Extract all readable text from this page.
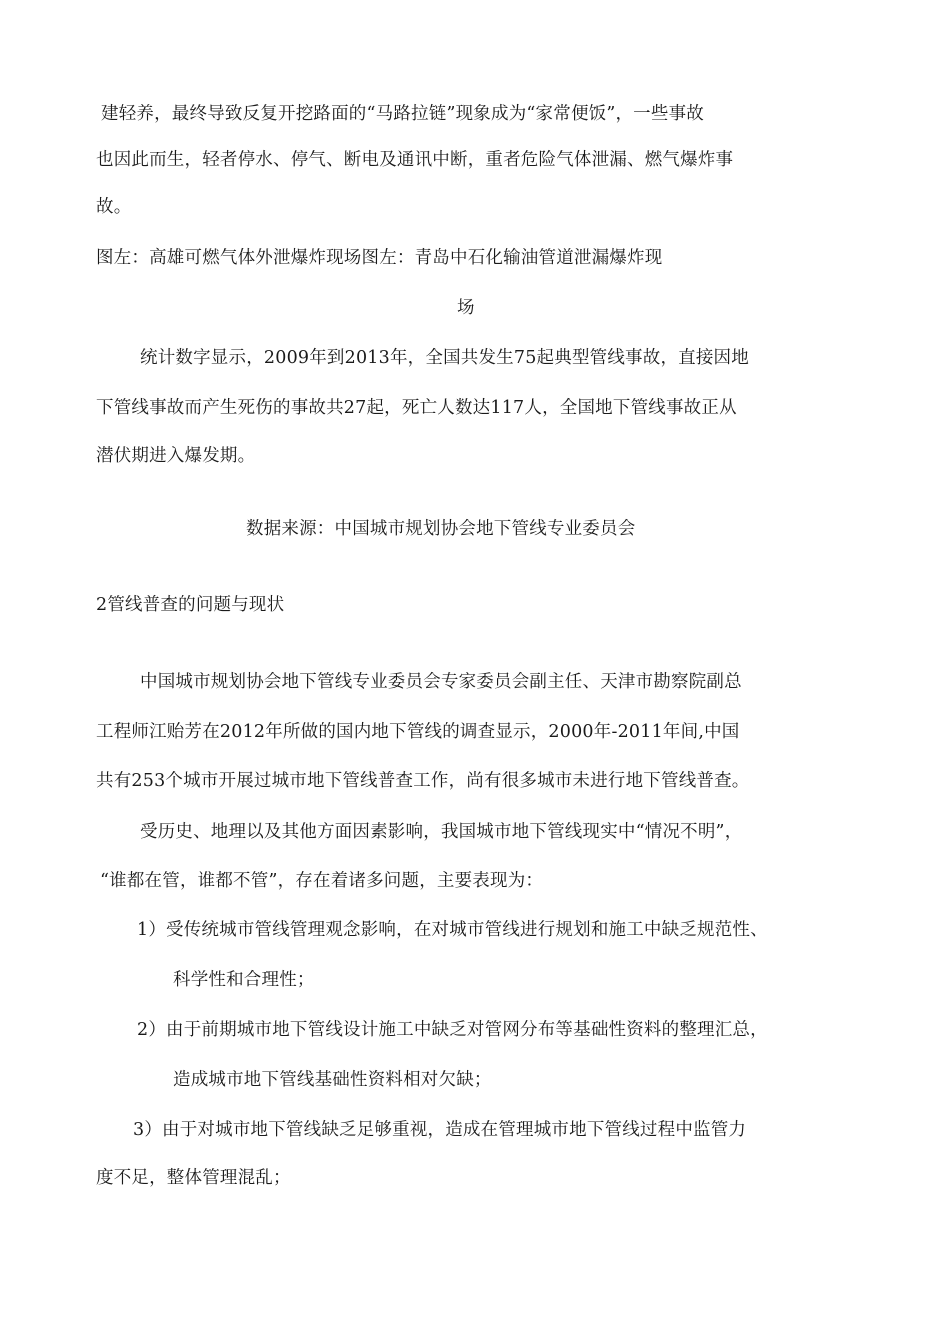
建轻养，最终导致反复开挖路面的“马路拉链”现象成为“家常便饭”，一些事故
也因此而生，轻者停水、停气、断电及通讯中断，重者危险气体泄漏、燃气爆炸事
故。
图左：高雄可燃气体外泄爆炸现场图左：青岛中石化输油管道泄漏爆炸现
场
统计数字显示，2009年到2013年，全国共发生75起典型管线事故，直接因地
下管线事故而产生死伤的事故共27起，死亡人数达117人，全国地下管线事故正从
潜伏期进入爆发期。
数据来源：中国城市规划协会地下管线专业委员会
2管线普查的问题与现状
中国城市规划协会地下管线专业委员会专家委员会副主任、天津市勘察院副总
工程师江贻芳在2012年所做的国内地下管线的调查显示，2000年-2011年间,中国
共有253个城市开展过城市地下管线普查工作，尚有很多城市未进行地下管线普查。
受历史、地理以及其他方面因素影响，我国城市地下管线现实中“情况不明”，
“谁都在管，谁都不管”，存在着诸多问题，主要表现为：
1）受传统城市管线管理观念影响，在对城市管线进行规划和施工中缺乏规范性、
科学性和合理性；
2）由于前期城市地下管线设计施工中缺乏对管网分布等基础性资料的整理汇总，
造成城市地下管线基础性资料相对欠缺；
3）由于对城市地下管线缺乏足够重视，造成在管理城市地下管线过程中监管力
度不足，整体管理混乱；
